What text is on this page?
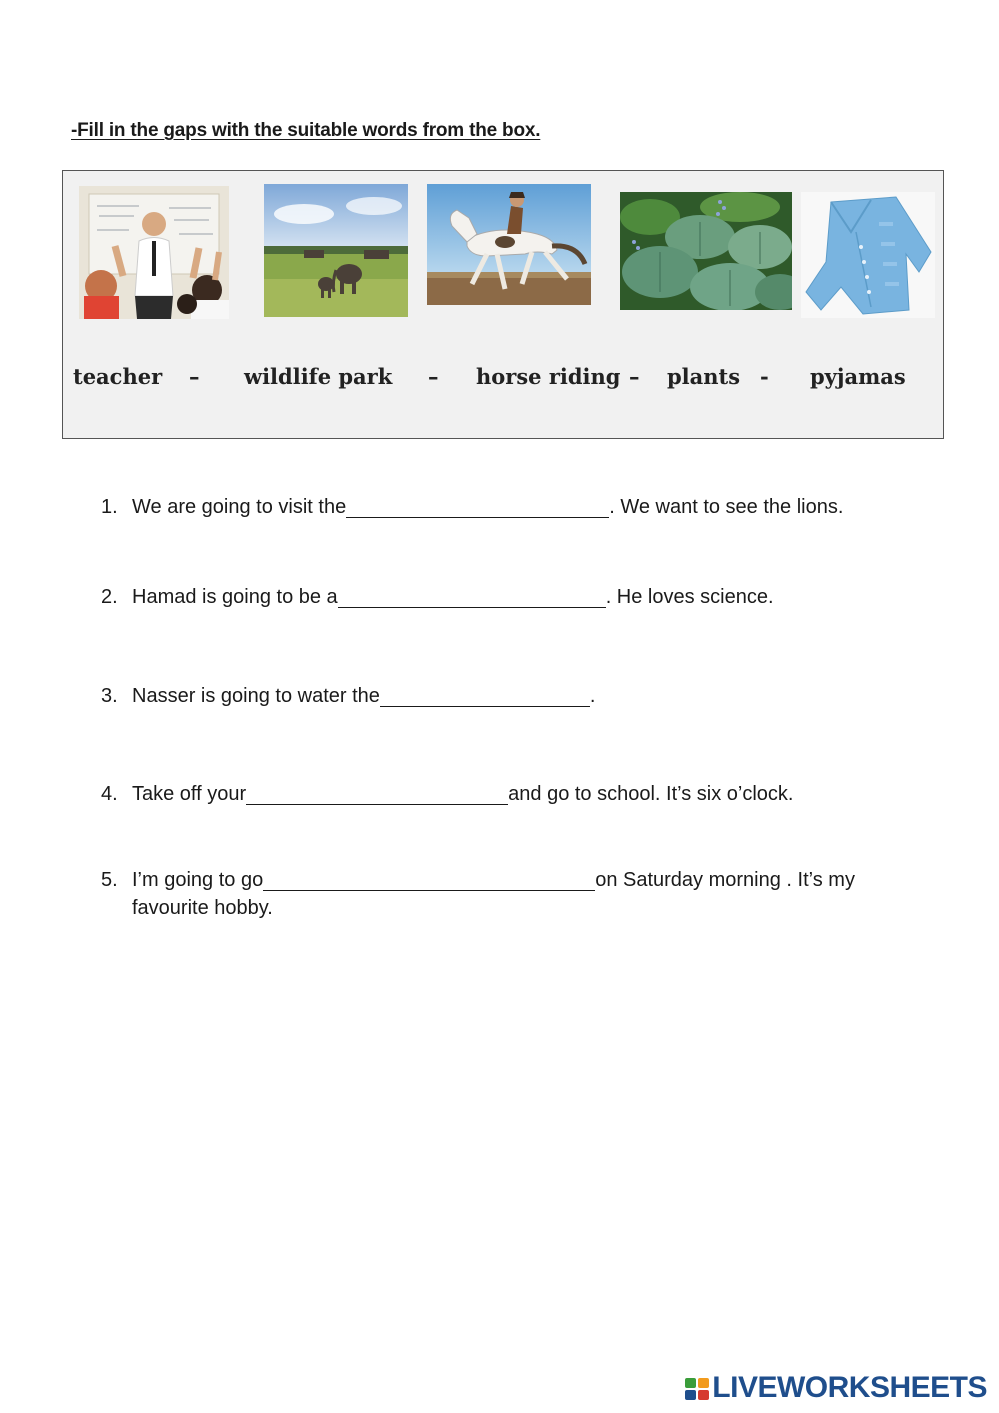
-Fill in the gaps with the suitable words from the box.
teacher – wildlife park – horse riding – plants - pyjamas
1. We are going to visit the	. We want to see the lions.
2. Hamad is going to be a	. He loves science.
3. Nasser is going to water the	.
4. Take off your	and go to school. It’s six o’clock.
5. I’m going to go	on Saturday morning . It’s my favourite hobby.
LIVEWORKSHEETS
